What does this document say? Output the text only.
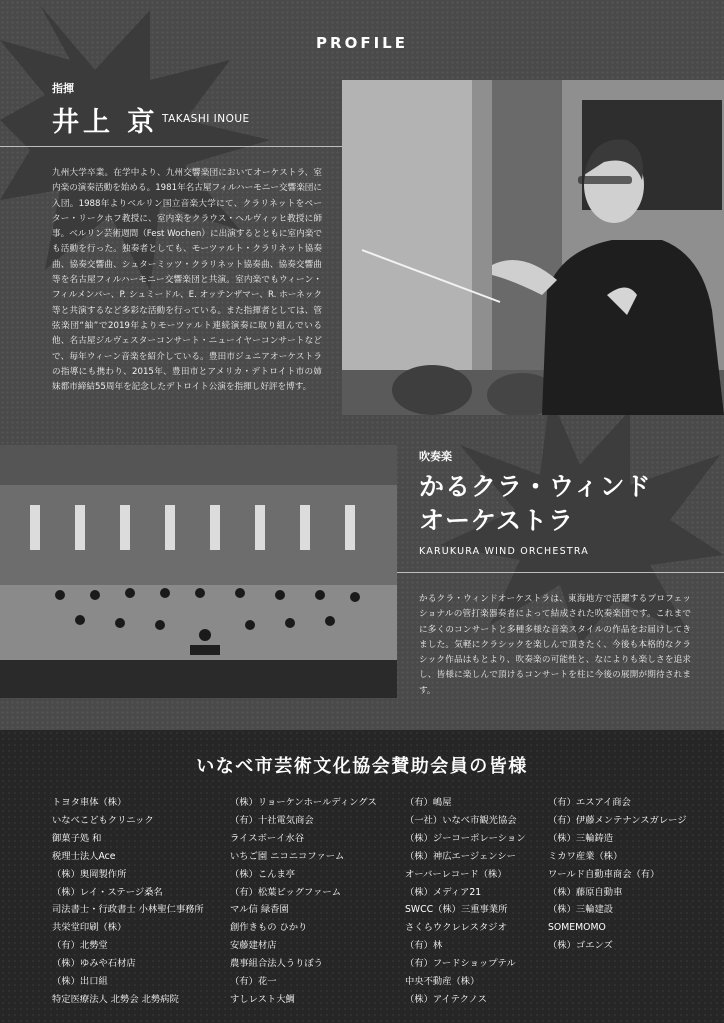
PROFILE
指揮
井上 京 TAKASHI INOUE

九州大学卒業。在学中より、九州交響楽団においてオーケストラ、室内楽の演奏活動を始める。1981年名古屋フィルハーモニー交響楽団に入団。1988年よりベルリン国立音楽大学にて、クラリネットをペーター・リークホフ教授に、室内楽をクラウス・ヘルヴィッヒ教授に師事。ベルリン芸術週間（Fest Wochen）に出演するとともに室内楽でも活動を行った。独奏者としても、モーツァルト・クラリネット協奏曲、協奏交響曲、シュターミッツ・クラリネット協奏曲、協奏交響曲等を名古屋フィルハーモニー交響楽団と共演。室内楽でもウィーン・フィルメンバー、P. シュミードル、E. オッテンザマー、R. ホーネック等と共演するなど多彩な活動を行っている。また指揮者としては、管弦楽団“紬”で2019年よりモーツァルト連続演奏に取り組んでいる他、名古屋ジルヴェスターコンサート・ニューイヤーコンサートなどで、毎年ウィーン音楽を紹介している。豊田市ジュニアオーケストラの指導にも携わり、2015年、豊田市とアメリカ・デトロイト市の姉妹都市締結55周年を記念したデトロイト公演を指揮し好評を博す。

吹奏楽
かるクラ・ウィンド
オーケストラ
KARUKURA WIND ORCHESTRA

かるクラ・ウィンドオーケストラは、東海地方で活躍するプロフェッショナルの管打楽器奏者によって結成された吹奏楽団です。これまでに多くのコンサートと多種多様な音楽スタイルの作品をお届けしてきました。気軽にクラシックを楽しんで頂きたく、今後も本格的なクラシック作品はもとより、吹奏楽の可能性と、なによりも楽しさを追求し、皆様に楽しんで頂けるコンサートを柱に今後の展開が期待されます。

いなべ市芸術文化協会賛助会員の皆様
トヨタ車体（株）
いなべこどもクリニック
御菓子処 和
税理士法人Ace
（株）奥岡製作所
（株）レイ・ステージ桑名
司法書士・行政書士 小林聖仁事務所
共栄堂印刷（株）
（有）北勢堂
（株）ゆみや石材店
（株）出口組
特定医療法人 北勢会 北勢病院
（株）リョーケンホールディングス
（有）十社電気商会
ライスボーイ水谷
いちご園 ニコニコファーム
（株）こんま亭
（有）松葉ビッグファーム
マル信 緑香園
創作きもの ひかり
安藤建材店
農事組合法人うりぼう
（有）花一
すしレスト大鯛
（有）嶋屋
（一社）いなべ市観光協会
（株）ジーコーポレーション
（株）神広エージェンシー
オーバーレコード（株）
（株）メディア21
SWCC（株）三重事業所
さくらウクレレスタジオ
（有）林
（有）フードショップテル
中央不動産（株）
（株）アイテクノス
（有）エスアイ商会
（有）伊藤メンテナンスガレージ
（株）三輪鋳造
ミカワ産業（株）
ワールド自動車商会（有）
（株）藤原自動車
（株）三輪建設
SOMEMOMO
（株）ゴエンズ
